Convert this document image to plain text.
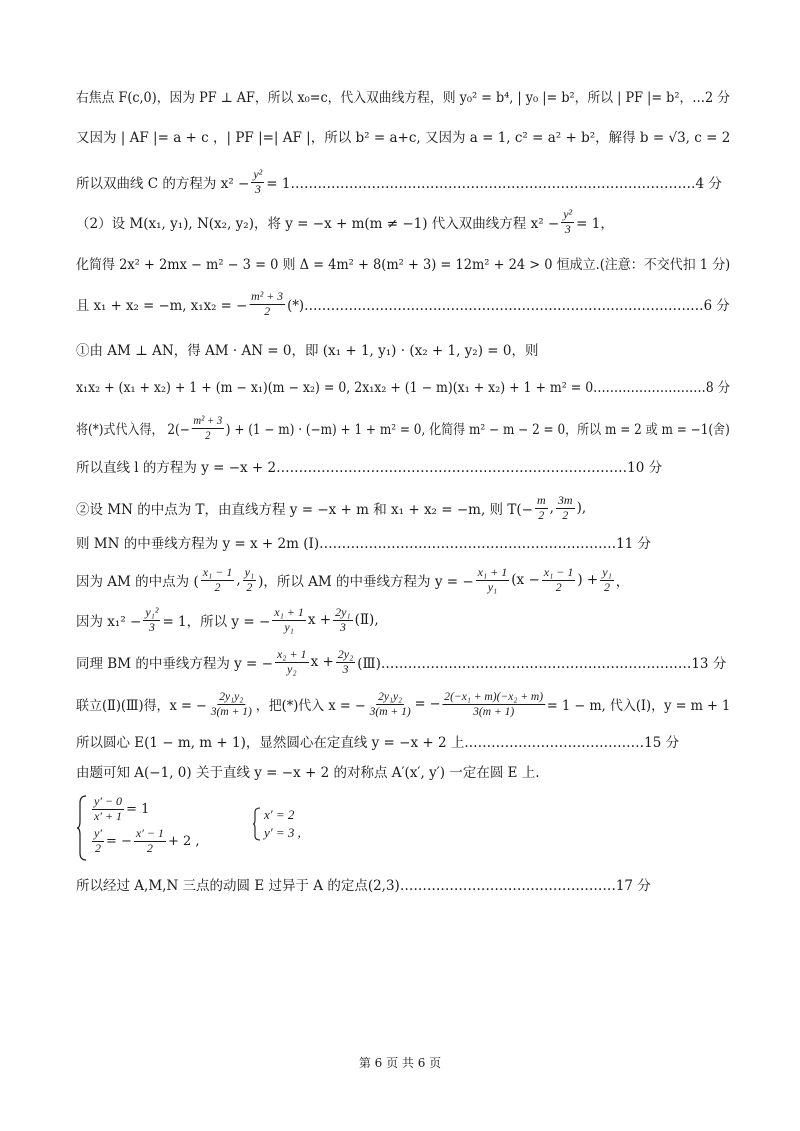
右焦点 F(c,0)，因为 PF ⊥ AF，所以 x₀=c，代入双曲线方程，则 y₀² = b⁴, | y₀ |= b²，所以 | PF |= b²，…2 分
又因为 | AF |= a + c ，| PF |=| AF |，所以 b² = a+c, 又因为 a = 1, c² = a² + b²，解得 b = √3, c = 2
所以双曲线 C 的方程为 $x^2 - \frac{\text{y²}}{3}$ = 1………………………………………………………………………………4 分
（2）设 M(x₁, y₁), N(x₂, y₂)，将 y = −x + m(m ≠ −1) 代入双曲线方程 $x^2 - \frac{\text{y²}}{3} = 1$，
化简得 2x² + 2mx − m² − 3 = 0 则 Δ = 4m² + 8(m² + 3) = 12m² + 24 > 0 恒成立.(注意：不交代扣 1 分)
且 x₁ + x₂ = −m, x₁x₂ = − $\frac{\text{m² + 3}}{2}$ (*)………………………………………………………………………………6 分
①由 AM ⊥ AN，得 AM · AN = 0，即 (x₁ + 1, y₁) · (x₂ + 1, y₂) = 0，则
x₁x₂ + (x₁ + x₂) + 1 + (m − x₁)(m − x₂) = 0, 2x₁x₂ + (1 − m)(x₁ + x₂) + 1 + m² = 0………………………8 分
将(*)式代入得， $2(- \frac{\text{m² + 3}}{2}$ ) + (1 − m) · (−m) + 1 + m² = 0, 化简得 m² − m − 2 = 0，所以 m = 2 或 m = −1(舍)
所以直线 l 的方程为 y = −x + 2……………………………………………………………………10 分
②设 MN 的中点为 T，由直线方程 y = −x + m 和 x₁ + x₂ = −m, 则 $T(- \frac{m}{2}$ , $\frac{3m}{2}$ ),
则 MN 的中垂线方程为 y = x + 2m (Ⅰ)…………………………………………………………11 分
因为 AM 的中点为 ( $\frac{\text{x₁ − 1}}{2}$ , $\frac{\text{y₁}}{2}$ )，所以 AM 的中垂线方程为 y = − $\frac{\text{x₁ + 1}}{\text{y₁}} (x - \frac{\text{x₁ − 1}}{2}$ ) + $\frac{\text{y₁}}{2}$ ，
因为 $x_1^2 - \frac{\text{y₁²}}{3} = 1$，所以 y = − $\frac{\text{x₁ + 1}}{\text{y₁}}$ $x + \frac{\text{2y₁}}{3}$ (Ⅱ),
同理 BM 的中垂线方程为 y = − $\frac{\text{x₂ + 1}}{\text{y₂}}$ $x + \frac{\text{2y₂}}{3}$ (Ⅲ)……………………………………………………………13 分
联立(Ⅱ)(Ⅲ)得，x = − $\frac{\text{2y₁y₂}}{3(m + 1)}$ ，把(*)代入 x = − $\frac{\text{2y₁y₂}}{3(m + 1)}$ = − $\frac{\text{2(−x₁ + m)(−x₂ + m)}}{3(m + 1)} = 1 - m$, 代入(Ⅰ)，y = m + 1
所以圆心 E(1 − m, m + 1)，显然圆心在定直线 y = −x + 2 上.…………………………………15 分
由题可知 A(−1, 0) 关于直线 y = −x + 2 的对称点 A′(x′, y′) 一定在圆 E 上.
$\frac{y' - 0}{x' + 1} = 1$
$\frac{y'}{2}$ = − $\frac{x' - 1}{2} + 2$ ,
x′ = 2
y′ = 3 ,
所以经过 A,M,N 三点的动圆 E 过异于 A 的定点(2,3)…………………………………………17 分
第 6 页 共 6 页
